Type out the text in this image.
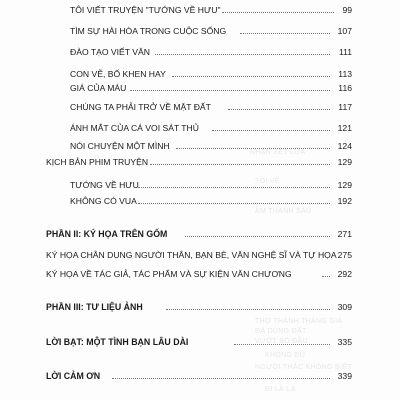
NHẬN XÉT LỬA
TÔI VẼ
ÂM THANH SÁU
THỢ THÀNH THÀNG GIÁ
ĐÁ DÙNG ĐẤT
VƯỚT BÔ ĐẦU
KHÔNG ĐỦ
NGƯỜI THẮC KHÔNG BIẾT
ĐI LÀ LA
TÔI VIẾT TRUYỆN "TƯỚNG VỀ HƯU"	99
TÌM SỰ HÀI HÒA TRONG CUỘC SỐNG	107
ĐÀO TẠO VIẾT VĂN	111
CON VẼ, BỐ KHEN HAY	113
GIÁ CỦA MÁU	116
CHÚNG TA PHẢI TRỞ VỀ MẶT ĐẤT	117
ÁNH MẮT CỦA CÁ VOI SÁT THỦ	121
NÓI CHUYỆN MỘT MÌNH	124
KỊCH BẢN PHIM TRUYỆN	129
TƯỚNG VỀ HƯU	129
KHÔNG CÓ VUA	192
PHẦN II: KÝ HỌA TRÊN GỐM	271
KÝ HỌA CHÂN DUNG NGƯỜI THÂN, BẠN BÈ, VĂN NGHỆ SĨ VÀ TỰ HỌA 275
KÝ HỌA VỀ TÁC GIẢ, TÁC PHẨM VÀ SỰ KIỆN VĂN CHƯƠNG	292
PHẦN III: TƯ LIỆU ẢNH	309
LỜI BẠT: MỘT TÌNH BẠN LÂU DÀI	335
LỜI CẢM ƠN	339
